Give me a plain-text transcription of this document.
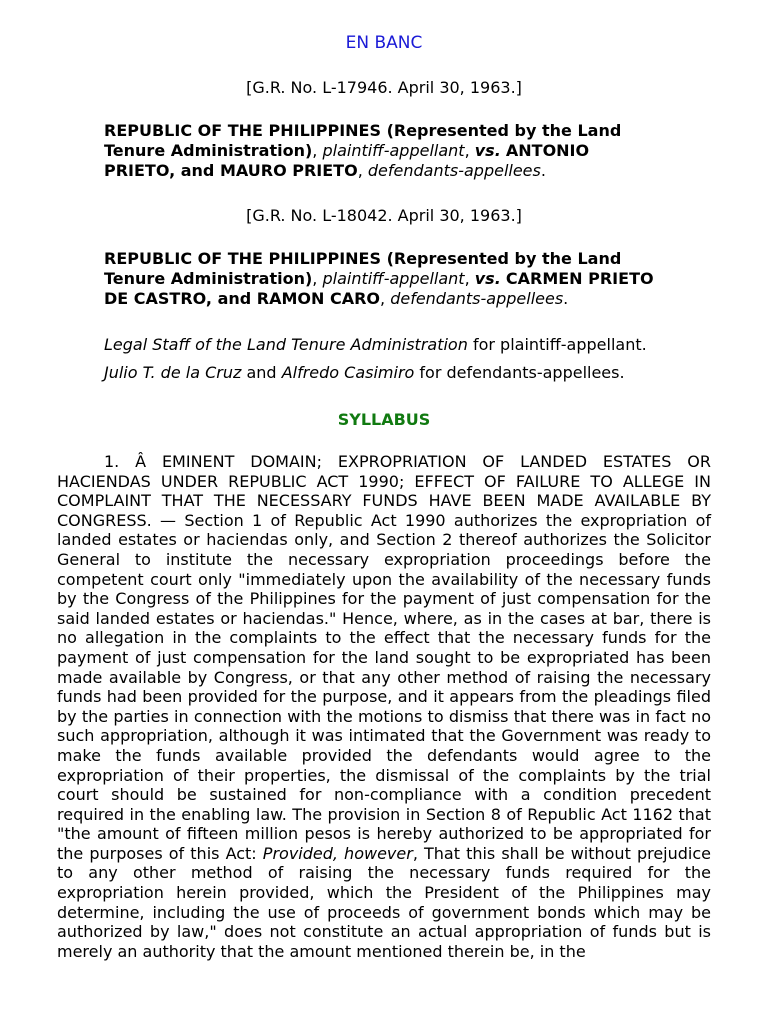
EN BANC
[G.R. No. L-17946. April 30, 1963.]
REPUBLIC OF THE PHILIPPINES (Represented by the Land Tenure Administration), plaintiff-appellant, vs. ANTONIO PRIETO, and MAURO PRIETO, defendants-appellees.
[G.R. No. L-18042. April 30, 1963.]
REPUBLIC OF THE PHILIPPINES (Represented by the Land Tenure Administration), plaintiff-appellant, vs. CARMEN PRIETO DE CASTRO, and RAMON CARO, defendants-appellees.
Legal Staff of the Land Tenure Administration for plaintiff-appellant.
Julio T. de la Cruz and Alfredo Casimiro for defendants-appellees.
SYLLABUS
1. Â EMINENT DOMAIN; EXPROPRIATION OF LANDED ESTATES OR HACIENDAS UNDER REPUBLIC ACT 1990; EFFECT OF FAILURE TO ALLEGE IN COMPLAINT THAT THE NECESSARY FUNDS HAVE BEEN MADE AVAILABLE BY CONGRESS. — Section 1 of Republic Act 1990 authorizes the expropriation of landed estates or haciendas only, and Section 2 thereof authorizes the Solicitor General to institute the necessary expropriation proceedings before the competent court only "immediately upon the availability of the necessary funds by the Congress of the Philippines for the payment of just compensation for the said landed estates or haciendas." Hence, where, as in the cases at bar, there is no allegation in the complaints to the effect that the necessary funds for the payment of just compensation for the land sought to be expropriated has been made available by Congress, or that any other method of raising the necessary funds had been provided for the purpose, and it appears from the pleadings filed by the parties in connection with the motions to dismiss that there was in fact no such appropriation, although it was intimated that the Government was ready to make the funds available provided the defendants would agree to the expropriation of their properties, the dismissal of the complaints by the trial court should be sustained for non-compliance with a condition precedent required in the enabling law. The provision in Section 8 of Republic Act 1162 that "the amount of fifteen million pesos is hereby authorized to be appropriated for the purposes of this Act: Provided, however, That this shall be without prejudice to any other method of raising the necessary funds required for the expropriation herein provided, which the President of the Philippines may determine, including the use of proceeds of government bonds which may be authorized by law," does not constitute an actual appropriation of funds but is merely an authority that the amount mentioned therein be, in the
